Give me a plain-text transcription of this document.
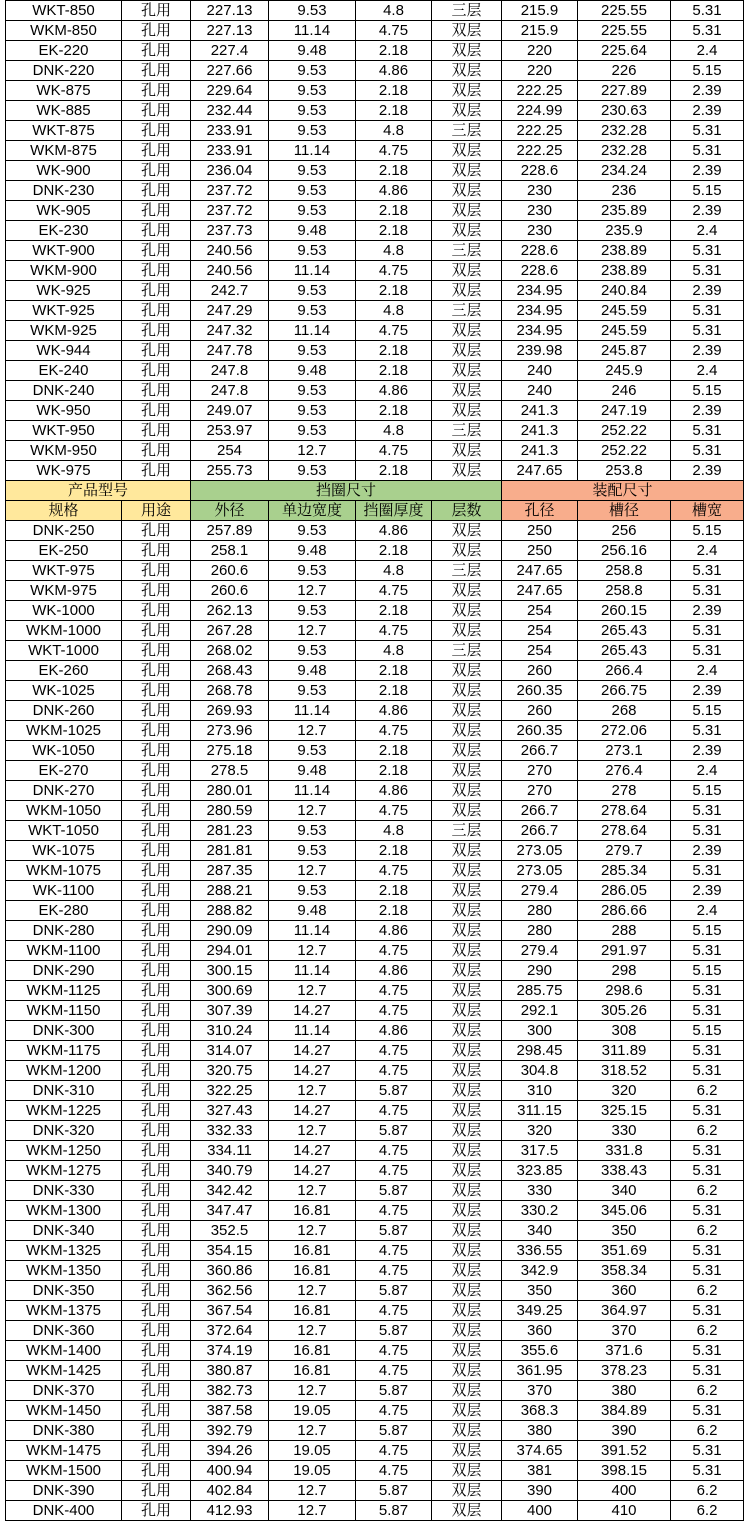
WKT-850	孔用	227.13	9.53	4.8	三层	215.9	225.55	5.31
WKM-850	孔用	227.13	11.14	4.75	双层	215.9	225.55	5.31
EK-220	孔用	227.4	9.48	2.18	双层	220	225.64	2.4
DNK-220	孔用	227.66	9.53	4.86	双层	220	226	5.15
WK-875	孔用	229.64	9.53	2.18	双层	222.25	227.89	2.39
WK-885	孔用	232.44	9.53	2.18	双层	224.99	230.63	2.39
WKT-875	孔用	233.91	9.53	4.8	三层	222.25	232.28	5.31
WKM-875	孔用	233.91	11.14	4.75	双层	222.25	232.28	5.31
WK-900	孔用	236.04	9.53	2.18	双层	228.6	234.24	2.39
DNK-230	孔用	237.72	9.53	4.86	双层	230	236	5.15
WK-905	孔用	237.72	9.53	2.18	双层	230	235.89	2.39
EK-230	孔用	237.73	9.48	2.18	双层	230	235.9	2.4
WKT-900	孔用	240.56	9.53	4.8	三层	228.6	238.89	5.31
WKM-900	孔用	240.56	11.14	4.75	双层	228.6	238.89	5.31
WK-925	孔用	242.7	9.53	2.18	双层	234.95	240.84	2.39
WKT-925	孔用	247.29	9.53	4.8	三层	234.95	245.59	5.31
WKM-925	孔用	247.32	11.14	4.75	双层	234.95	245.59	5.31
WK-944	孔用	247.78	9.53	2.18	双层	239.98	245.87	2.39
EK-240	孔用	247.8	9.48	2.18	双层	240	245.9	2.4
DNK-240	孔用	247.8	9.53	4.86	双层	240	246	5.15
WK-950	孔用	249.07	9.53	2.18	双层	241.3	247.19	2.39
WKT-950	孔用	253.97	9.53	4.8	三层	241.3	252.22	5.31
WKM-950	孔用	254	12.7	4.75	双层	241.3	252.22	5.31
WK-975	孔用	255.73	9.53	2.18	双层	247.65	253.8	2.39
产品型号		挡圈尺寸				装配尺寸		
规格	用途	外径	单边宽度	挡圈厚度	层数	孔径	槽径	槽宽
DNK-250	孔用	257.89	9.53	4.86	双层	250	256	5.15
EK-250	孔用	258.1	9.48	2.18	双层	250	256.16	2.4
WKT-975	孔用	260.6	9.53	4.8	三层	247.65	258.8	5.31
WKM-975	孔用	260.6	12.7	4.75	双层	247.65	258.8	5.31
WK-1000	孔用	262.13	9.53	2.18	双层	254	260.15	2.39
WKM-1000	孔用	267.28	12.7	4.75	双层	254	265.43	5.31
WKT-1000	孔用	268.02	9.53	4.8	三层	254	265.43	5.31
EK-260	孔用	268.43	9.48	2.18	双层	260	266.4	2.4
WK-1025	孔用	268.78	9.53	2.18	双层	260.35	266.75	2.39
DNK-260	孔用	269.93	11.14	4.86	双层	260	268	5.15
WKM-1025	孔用	273.96	12.7	4.75	双层	260.35	272.06	5.31
WK-1050	孔用	275.18	9.53	2.18	双层	266.7	273.1	2.39
EK-270	孔用	278.5	9.48	2.18	双层	270	276.4	2.4
DNK-270	孔用	280.01	11.14	4.86	双层	270	278	5.15
WKM-1050	孔用	280.59	12.7	4.75	双层	266.7	278.64	5.31
WKT-1050	孔用	281.23	9.53	4.8	三层	266.7	278.64	5.31
WK-1075	孔用	281.81	9.53	2.18	双层	273.05	279.7	2.39
WKM-1075	孔用	287.35	12.7	4.75	双层	273.05	285.34	5.31
WK-1100	孔用	288.21	9.53	2.18	双层	279.4	286.05	2.39
EK-280	孔用	288.82	9.48	2.18	双层	280	286.66	2.4
DNK-280	孔用	290.09	11.14	4.86	双层	280	288	5.15
WKM-1100	孔用	294.01	12.7	4.75	双层	279.4	291.97	5.31
DNK-290	孔用	300.15	11.14	4.86	双层	290	298	5.15
WKM-1125	孔用	300.69	12.7	4.75	双层	285.75	298.6	5.31
WKM-1150	孔用	307.39	14.27	4.75	双层	292.1	305.26	5.31
DNK-300	孔用	310.24	11.14	4.86	双层	300	308	5.15
WKM-1175	孔用	314.07	14.27	4.75	双层	298.45	311.89	5.31
WKM-1200	孔用	320.75	14.27	4.75	双层	304.8	318.52	5.31
DNK-310	孔用	322.25	12.7	5.87	双层	310	320	6.2
WKM-1225	孔用	327.43	14.27	4.75	双层	311.15	325.15	5.31
DNK-320	孔用	332.33	12.7	5.87	双层	320	330	6.2
WKM-1250	孔用	334.11	14.27	4.75	双层	317.5	331.8	5.31
WKM-1275	孔用	340.79	14.27	4.75	双层	323.85	338.43	5.31
DNK-330	孔用	342.42	12.7	5.87	双层	330	340	6.2
WKM-1300	孔用	347.47	16.81	4.75	双层	330.2	345.06	5.31
DNK-340	孔用	352.5	12.7	5.87	双层	340	350	6.2
WKM-1325	孔用	354.15	16.81	4.75	双层	336.55	351.69	5.31
WKM-1350	孔用	360.86	16.81	4.75	双层	342.9	358.34	5.31
DNK-350	孔用	362.56	12.7	5.87	双层	350	360	6.2
WKM-1375	孔用	367.54	16.81	4.75	双层	349.25	364.97	5.31
DNK-360	孔用	372.64	12.7	5.87	双层	360	370	6.2
WKM-1400	孔用	374.19	16.81	4.75	双层	355.6	371.6	5.31
WKM-1425	孔用	380.87	16.81	4.75	双层	361.95	378.23	5.31
DNK-370	孔用	382.73	12.7	5.87	双层	370	380	6.2
WKM-1450	孔用	387.58	19.05	4.75	双层	368.3	384.89	5.31
DNK-380	孔用	392.79	12.7	5.87	双层	380	390	6.2
WKM-1475	孔用	394.26	19.05	4.75	双层	374.65	391.52	5.31
WKM-1500	孔用	400.94	19.05	4.75	双层	381	398.15	5.31
DNK-390	孔用	402.84	12.7	5.87	双层	390	400	6.2
DNK-400	孔用	412.93	12.7	5.87	双层	400	410	6.2
